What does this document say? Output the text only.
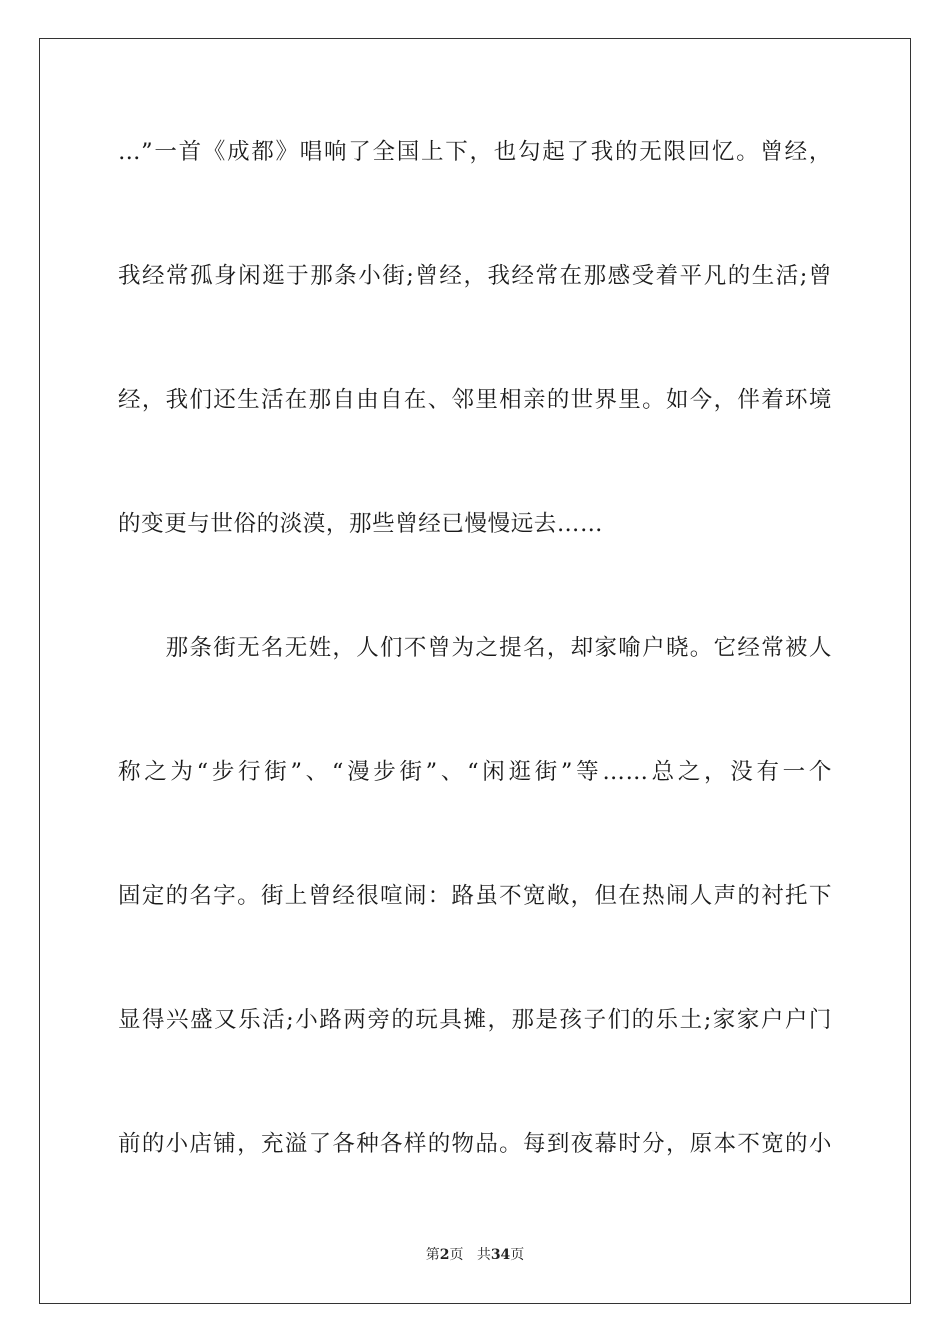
…”一首《成都》唱响了全国上下，也勾起了我的无限回忆。曾经，
我经常孤身闲逛于那条小街;曾经，我经常在那感受着平凡的生活;曾
经，我们还生活在那自由自在、邻里相亲的世界里。如今，伴着环境
的变更与世俗的淡漠，那些曾经已慢慢远去……
　　那条街无名无姓，人们不曾为之提名，却家喻户晓。它经常被人
称之为“步行街”、“漫步街”、“闲逛街”等……总之，没有一个
固定的名字。街上曾经很喧闹：路虽不宽敞，但在热闹人声的衬托下
显得兴盛又乐活;小路两旁的玩具摊，那是孩子们的乐土;家家户户门
前的小店铺，充溢了各种各样的物品。每到夜幕时分，原本不宽的小
第2页 共34页
